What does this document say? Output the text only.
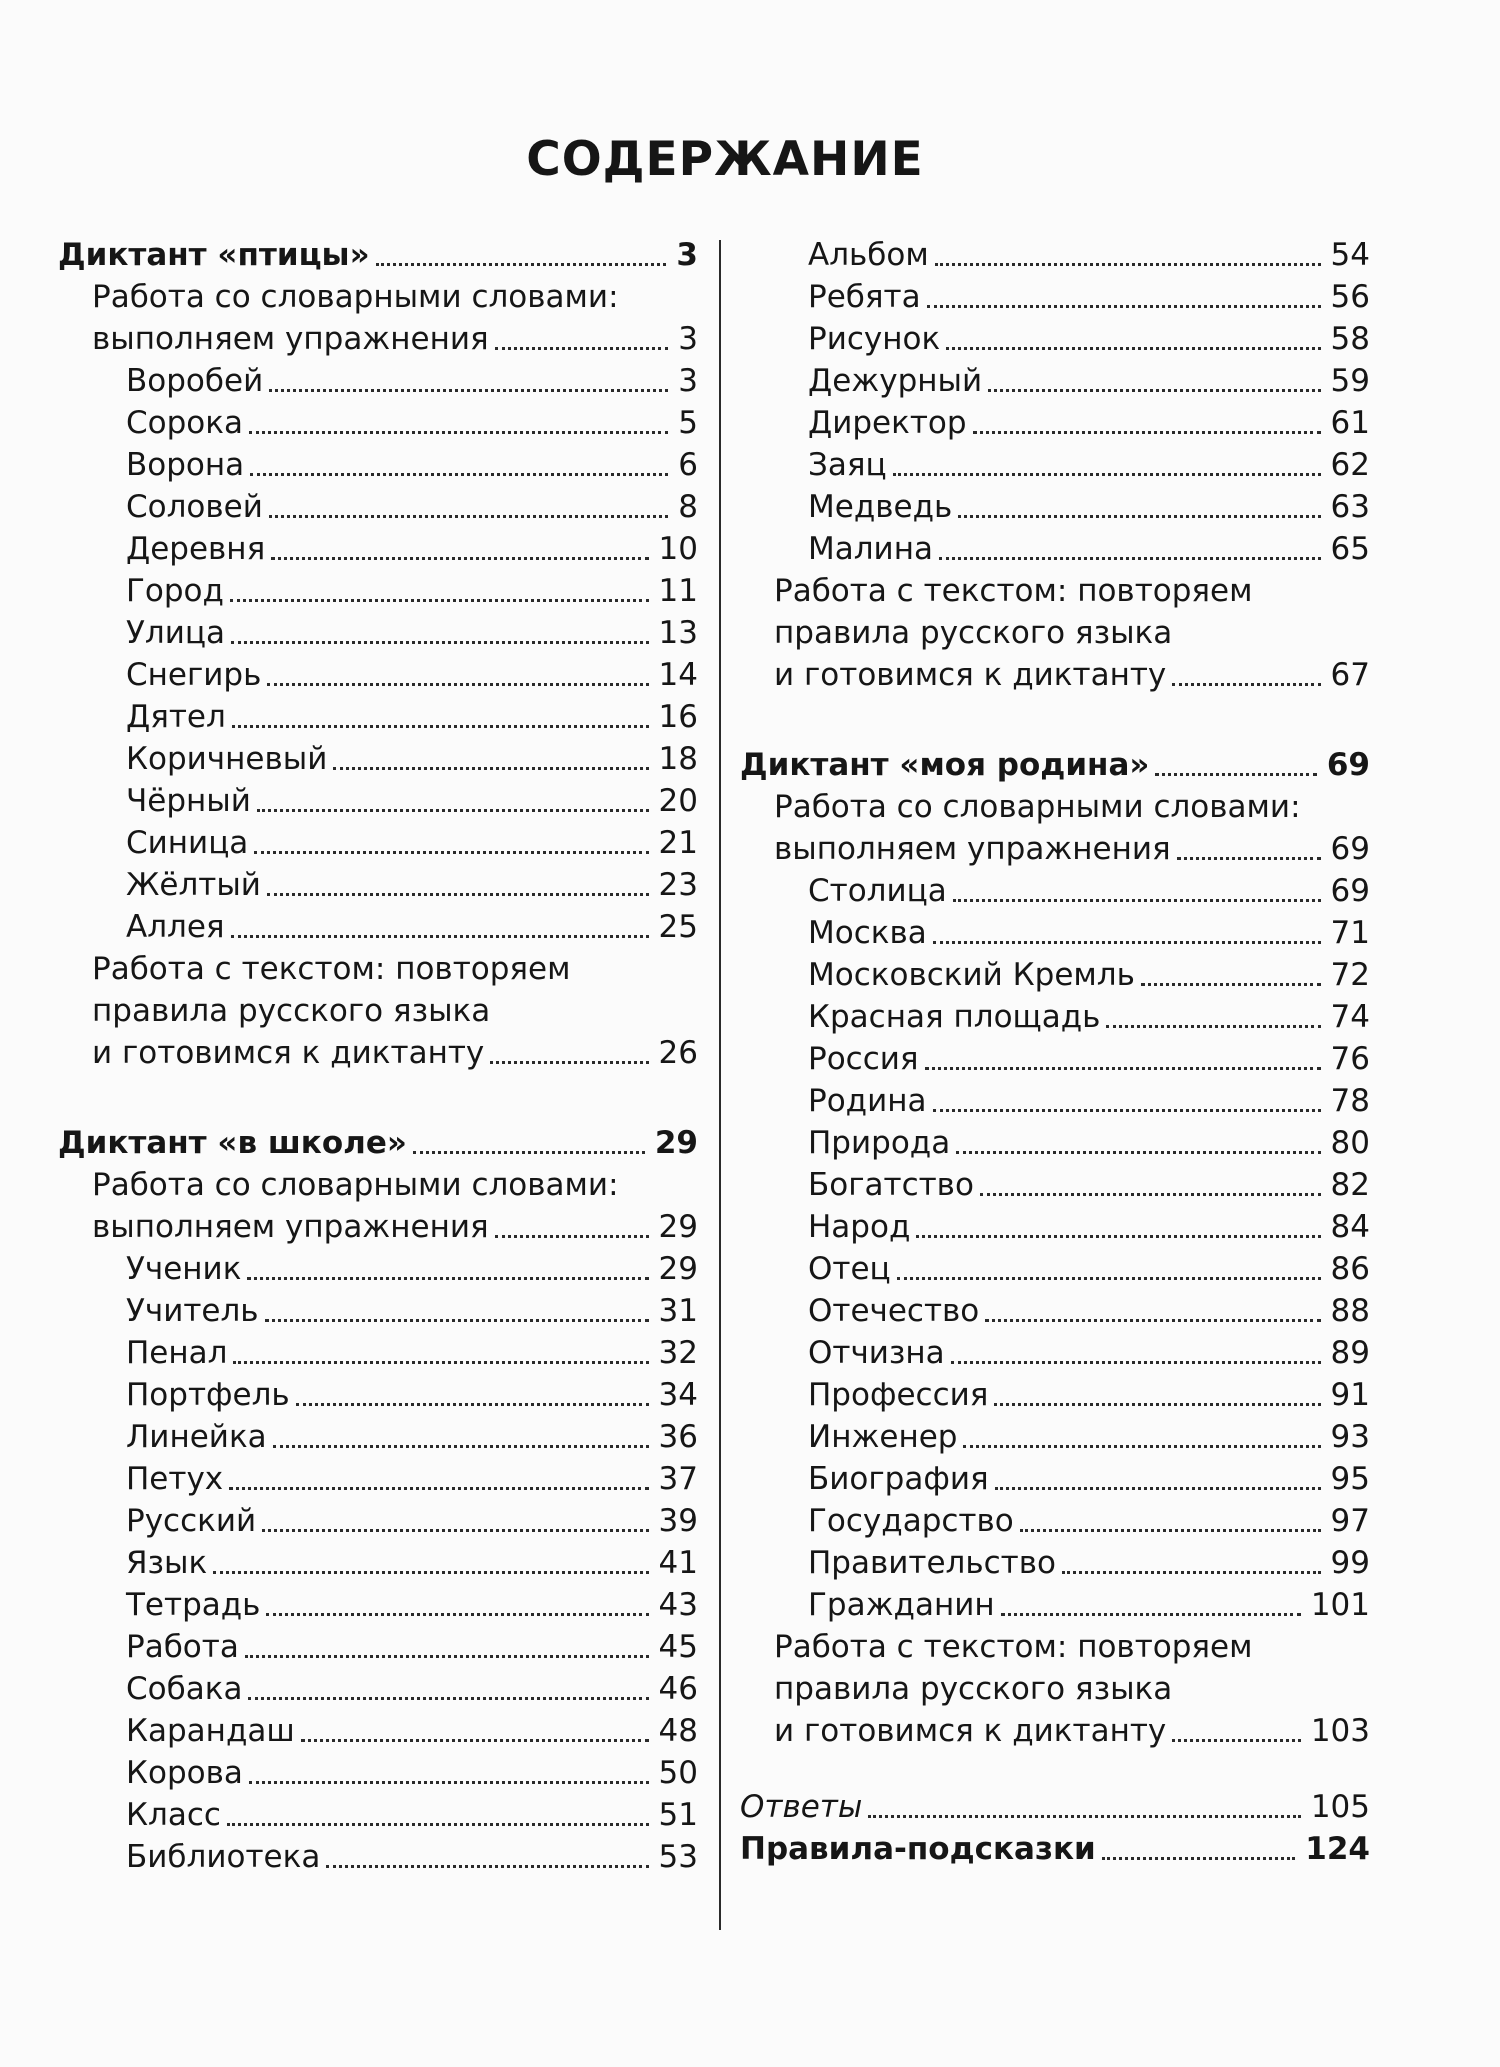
СОДЕРЖАНИЕ
Диктант «птицы»	3
Работа со словарными словами:
выполняем упражнения	3
Воробей	3
Сорока	5
Ворона	6
Соловей	8
Деревня	10
Город	11
Улица	13
Снегирь	14
Дятел	16
Коричневый	18
Чёрный	20
Синица	21
Жёлтый	23
Аллея	25
Работа с текстом: повторяем
правила русского языка
и готовимся к диктанту	26
Диктант «в школе»	29
Работа со словарными словами:
выполняем упражнения	29
Ученик	29
Учитель	31
Пенал	32
Портфель	34
Линейка	36
Петух	37
Русский	39
Язык	41
Тетрадь	43
Работа	45
Собака	46
Карандаш	48
Корова	50
Класс	51
Библиотека	53
Альбом	54
Ребята	56
Рисунок	58
Дежурный	59
Директор	61
Заяц	62
Медведь	63
Малина	65
Работа с текстом: повторяем
правила русского языка
и готовимся к диктанту	67
Диктант «моя родина»	69
Работа со словарными словами:
выполняем упражнения	69
Столица	69
Москва	71
Московский Кремль	72
Красная площадь	74
Россия	76
Родина	78
Природа	80
Богатство	82
Народ	84
Отец	86
Отечество	88
Отчизна	89
Профессия	91
Инженер	93
Биография	95
Государство	97
Правительство	99
Гражданин	101
Работа с текстом: повторяем
правила русского языка
и готовимся к диктанту	103
Ответы	105
Правила-подсказки	124
